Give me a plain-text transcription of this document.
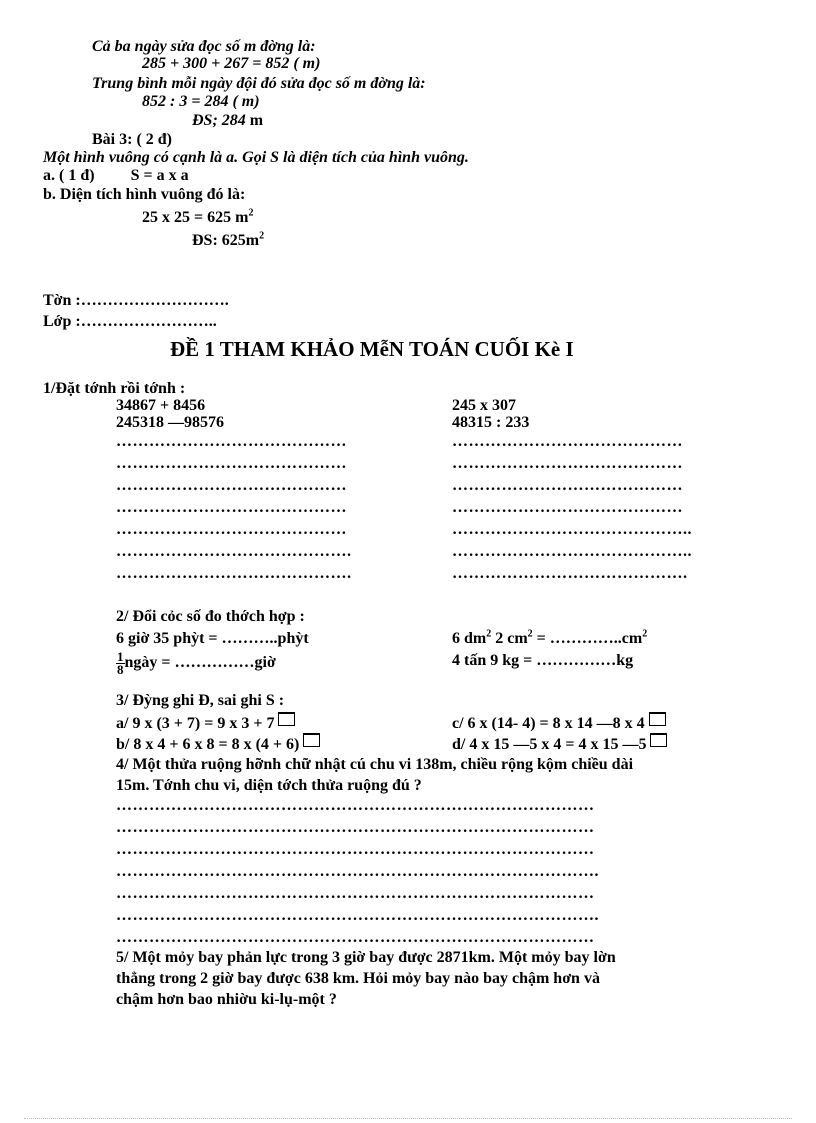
Cả ba ngày sửa đọc số m đờng là:
285 + 300 + 267 = 852 ( m)
Trung bình mỗi ngày đội đó sửa đọc số m đờng là:
852 : 3 = 284 ( m)
ĐS; 284 m
Bài 3: ( 2 đ)
Một hình vuông có cạnh là a. Gọi S là diện tích của hình vuông.
a. ( 1 đ) S = a x a
b. Diện tích hình vuông đó là:
25 x 25 = 625 $m^2$
ĐS: $625m^2$
Tờn :……………………….
Lớp :……………………..
ĐỀ 1 THAM KHẢO MễN TOÁN CUỐI Kè I
1/Đặt tớnh rồi tớnh :
34867 + 8456	245 x 307
245318 —98576	48315 : 233
……………………………………
……………………………………
……………………………………
……………………………………
……………………………………
…………………………………….
…………………………………….
……………………………………
……………………………………
……………………………………
……………………………………
……………………………………..
……………………………………..
…………………………………….
2/ Đổi cỏc số đo thớch hợp :
6 giờ 35 phỳt = ………..phỳt	6 $dm^2$ 2 $cm^2$ = $\dots\dots\dots\dots..cm^2$
$\frac{1}{8}$ ngày = ……………giờ	4 tấn 9 kg = ……………kg
3/ Đỳng ghi Đ, sai ghi S :
a/ 9 x (3 + 7) = 9 x 3 + 7	c/ 6 x (14- 4) = 8 x 14 —8 x 4
b/ 8 x 4 + 6 x 8 = 8 x (4 + 6)	d/ 4 x 15 —5 x 4 = 4 x 15 —5
4/ Một thửa ruộng hỡnh chữ nhật cú chu vi 138m, chiều rộng kộm chiều dài
15m. Tớnh chu vi, diện tớch thửa ruộng đú ?
……………………………………………………………………………
……………………………………………………………………………
……………………………………………………………………………
…………………………………………………………………………….
……………………………………………………………………………
…………………………………………………………………………….
……………………………………………………………………………
5/ Một mỏy bay phản lực trong 3 giờ bay được 2871km. Một mỏy bay lờn
thẳng trong 2 giờ bay được 638 km. Hỏi mỏy bay nào bay chậm hơn và
chậm hơn bao nhiờu ki-lụ-một ?
